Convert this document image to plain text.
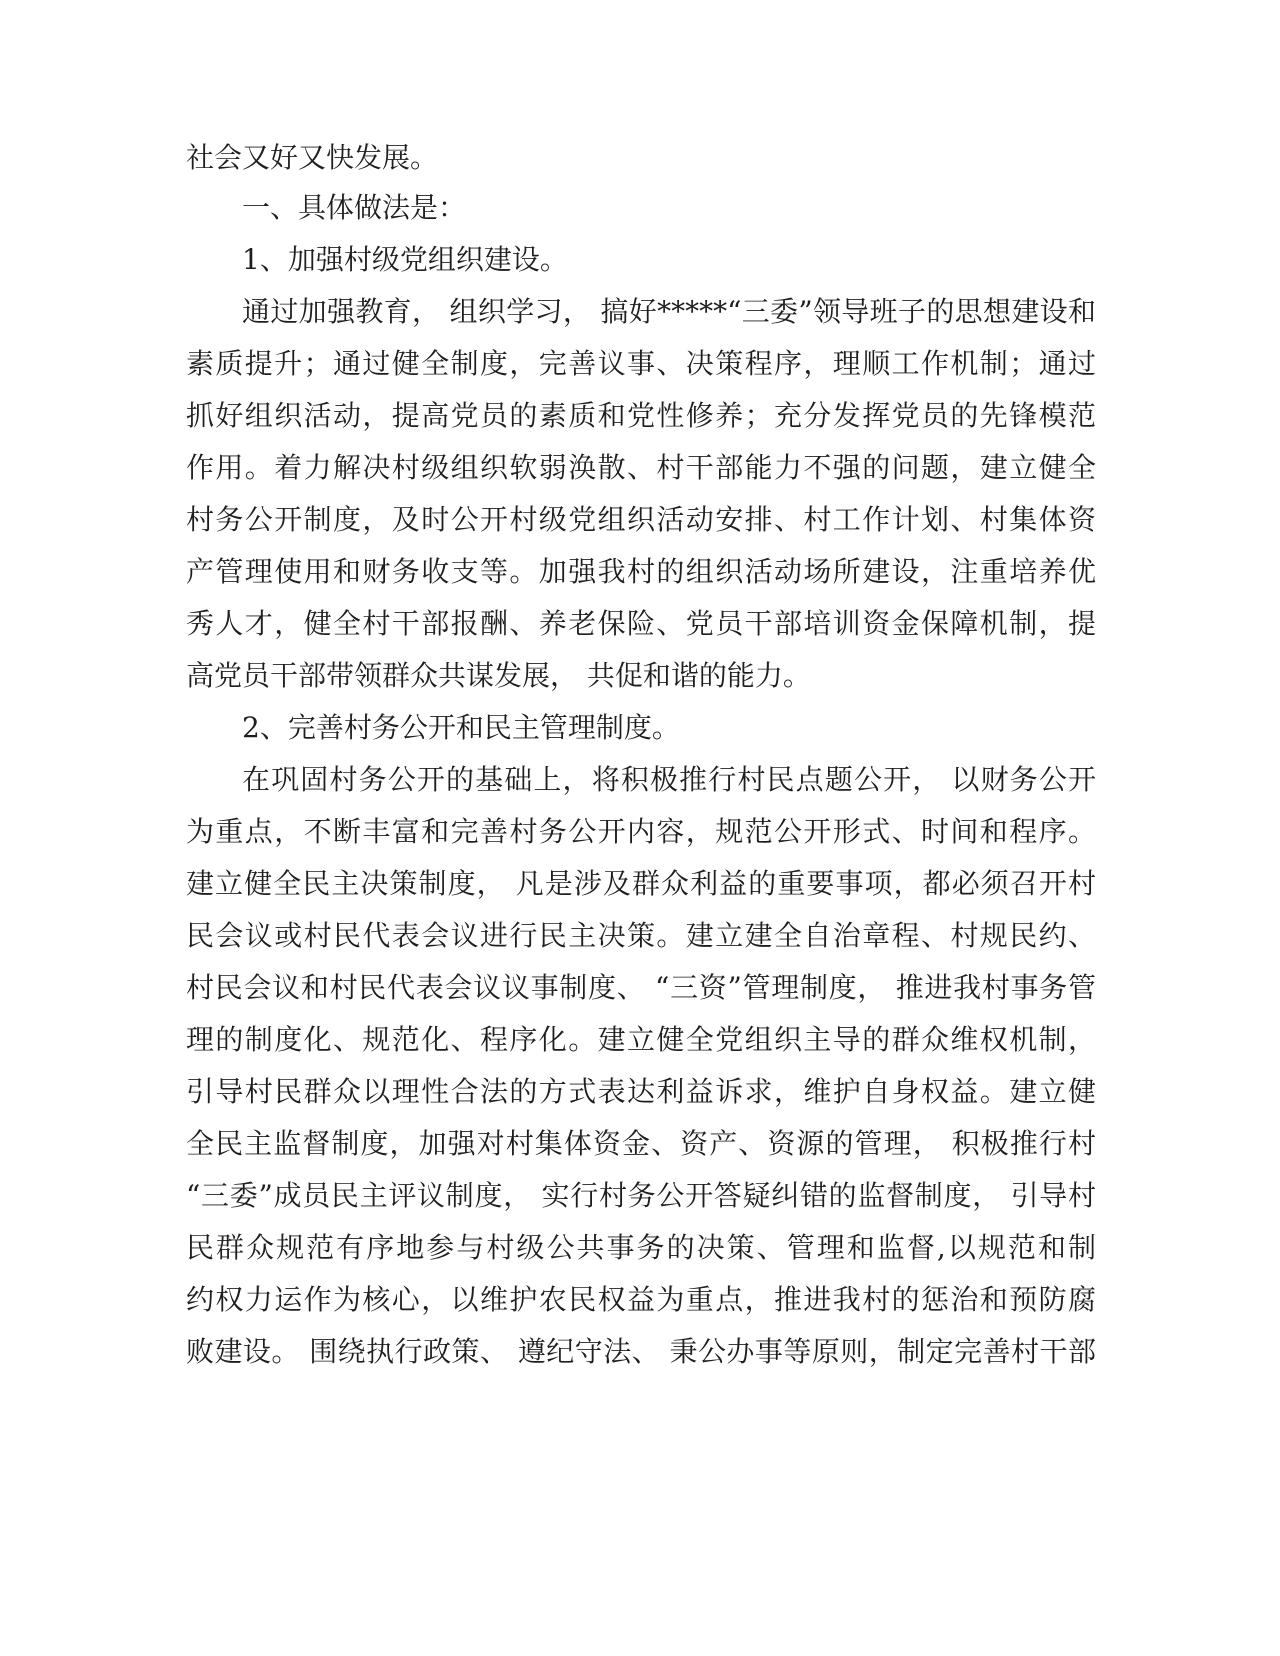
社会又好又快发展。
一、具体做法是：
1、加强村级党组织建设。
通过加强教育， 组织学习， 搞好*****“三委”领导班子的思想建设和
素质提升；通过健全制度，完善议事、决策程序，理顺工作机制；通过
抓好组织活动，提高党员的素质和党性修养；充分发挥党员的先锋模范
作用。着力解决村级组织软弱涣散、村干部能力不强的问题，建立健全
村务公开制度，及时公开村级党组织活动安排、村工作计划、村集体资
产管理使用和财务收支等。加强我村的组织活动场所建设，注重培养优
秀人才，健全村干部报酬、养老保险、党员干部培训资金保障机制，提
高党员干部带领群众共谋发展， 共促和谐的能力。
2、完善村务公开和民主管理制度。
在巩固村务公开的基础上，将积极推行村民点题公开， 以财务公开
为重点，不断丰富和完善村务公开内容，规范公开形式、时间和程序。
建立健全民主决策制度， 凡是涉及群众利益的重要事项，都必须召开村
民会议或村民代表会议进行民主决策。建立建全自治章程、村规民约、
村民会议和村民代表会议议事制度、 “三资”管理制度， 推进我村事务管
理的制度化、规范化、程序化。建立健全党组织主导的群众维权机制，
引导村民群众以理性合法的方式表达利益诉求，维护自身权益。建立健
全民主监督制度，加强对村集体资金、资产、资源的管理， 积极推行村
“三委”成员民主评议制度， 实行村务公开答疑纠错的监督制度， 引导村
民群众规范有序地参与村级公共事务的决策、管理和监督,以规范和制
约权力运作为核心，以维护农民权益为重点，推进我村的惩治和预防腐
败建设。 围绕执行政策、 遵纪守法、 秉公办事等原则，制定完善村干部
